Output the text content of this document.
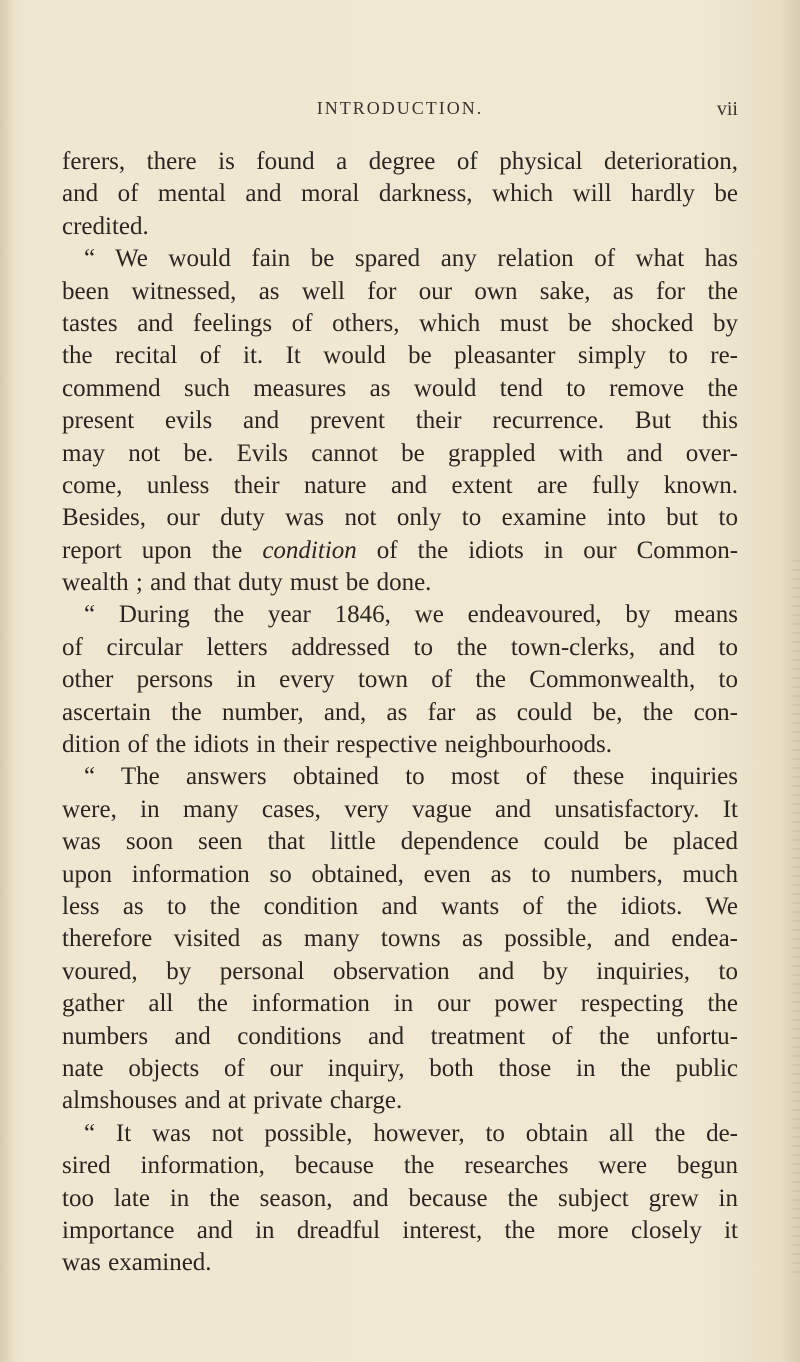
INTRODUCTION.	vii
ferers, there is found a degree of physical deterioration,
and of mental and moral darkness, which will hardly be
credited.
“ We would fain be spared any relation of what has
been witnessed, as well for our own sake, as for the
tastes and feelings of others, which must be shocked by
the recital of it. It would be pleasanter simply to re-
commend such measures as would tend to remove the
present evils and prevent their recurrence. But this
may not be. Evils cannot be grappled with and over-
come, unless their nature and extent are fully known.
Besides, our duty was not only to examine into but to
report upon the condition of the idiots in our Common-
wealth ; and that duty must be done.
“ During the year 1846, we endeavoured, by means
of circular letters addressed to the town-clerks, and to
other persons in every town of the Commonwealth, to
ascertain the number, and, as far as could be, the con-
dition of the idiots in their respective neighbourhoods.
“ The answers obtained to most of these inquiries
were, in many cases, very vague and unsatisfactory. It
was soon seen that little dependence could be placed
upon information so obtained, even as to numbers, much
less as to the condition and wants of the idiots. We
therefore visited as many towns as possible, and endea-
voured, by personal observation and by inquiries, to
gather all the information in our power respecting the
numbers and conditions and treatment of the unfortu-
nate objects of our inquiry, both those in the public
almshouses and at private charge.
“ It was not possible, however, to obtain all the de-
sired information, because the researches were begun
too late in the season, and because the subject grew in
importance and in dreadful interest, the more closely it
was examined.
